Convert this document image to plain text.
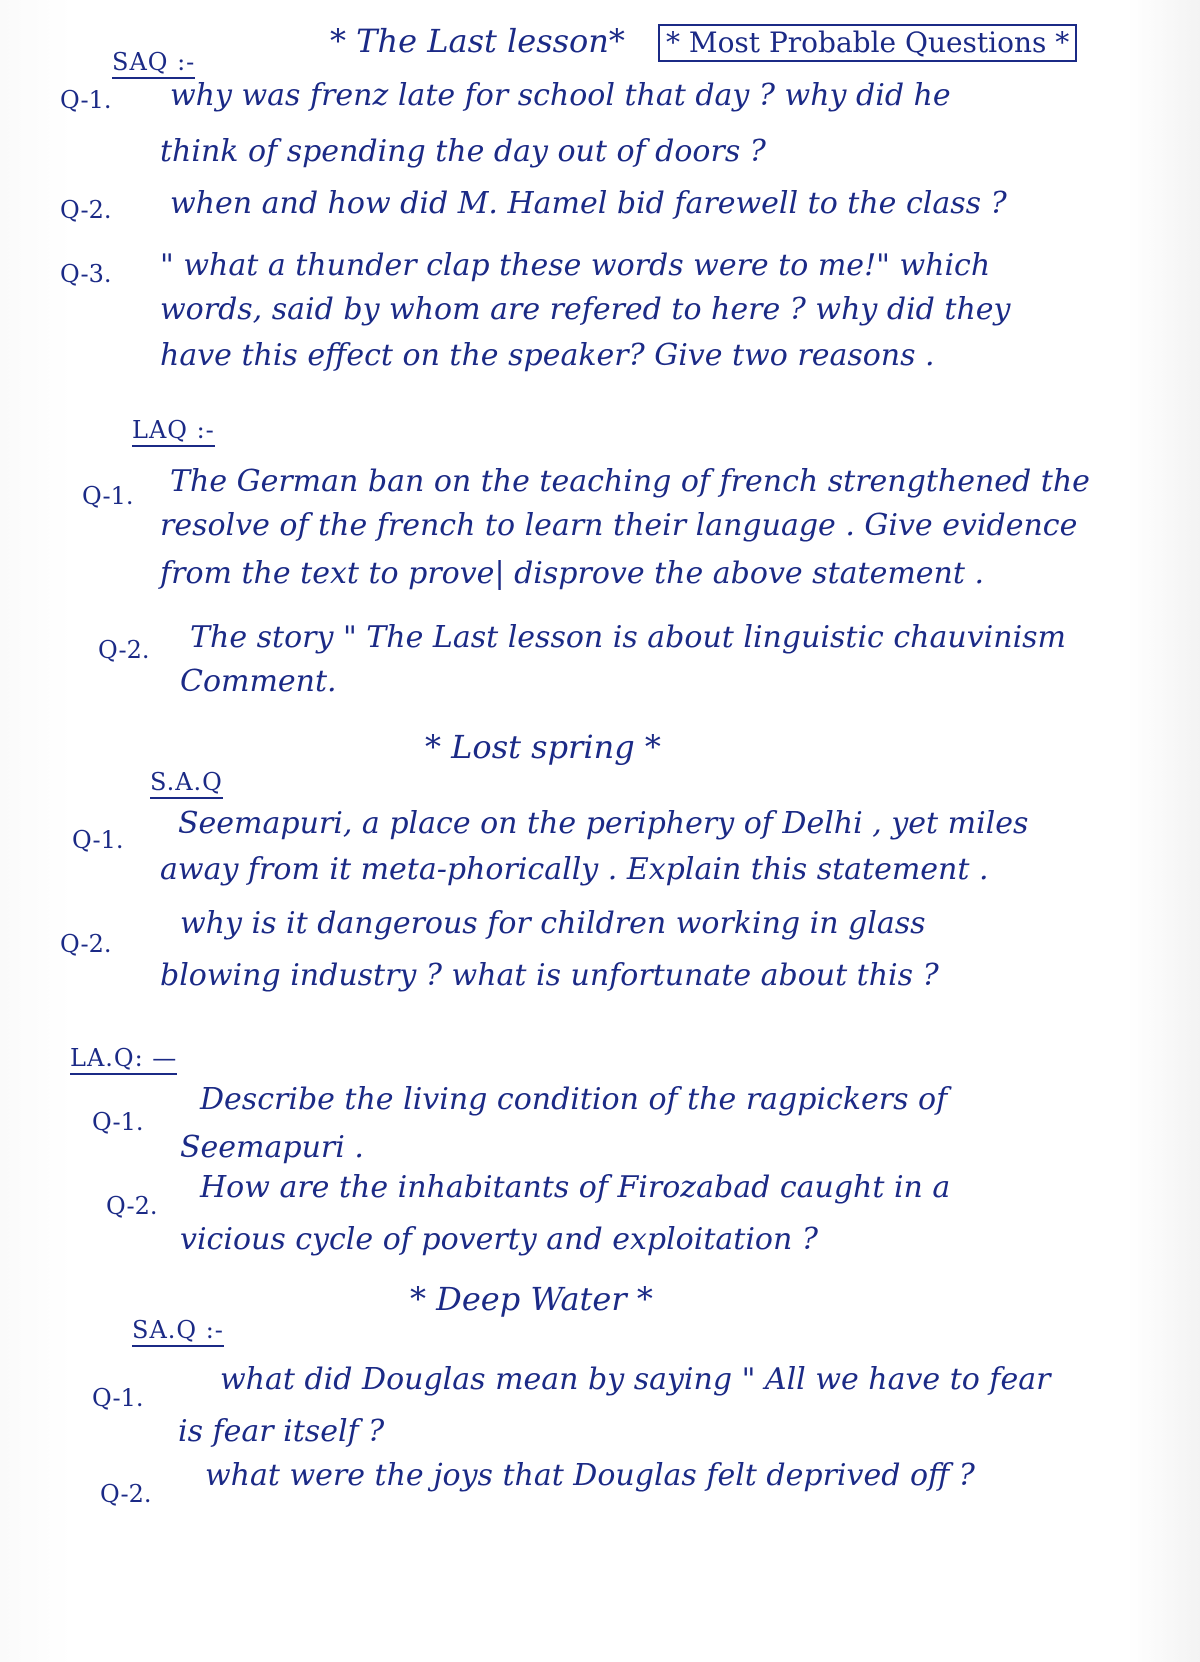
* The Last lesson* * Most Probable Questions *
SAQ :-
Q-1. why was frenz late for school that day ? why did he
think of spending the day out of doors ?
Q-2. when and how did M. Hamel bid farewell to the class ?
Q-3. " what a thunder clap these words were to me!" which
words, said by whom are refered to here ? why did they
have this effect on the speaker? Give two reasons .
LAQ :-
Q-1. The German ban on the teaching of french strengthened the
resolve of the french to learn their language . Give evidence
from the text to prove| disprove the above statement .
Q-2. The story " The Last lesson is about linguistic chauvinism
Comment.
* Lost spring *
S.A.Q
Q-1. Seemapuri, a place on the periphery of Delhi , yet miles
away from it meta-phorically . Explain this statement .
Q-2.
why is it dangerous for children working in glass
blowing industry ? what is unfortunate about this ?
LA.Q: —
Q-1.
Describe the living condition of the ragpickers of
Seemapuri .
Q-2.
How are the inhabitants of Firozabad caught in a
vicious cycle of poverty and exploitation ?
* Deep Water *
SA.Q :-
Q-1.
what did Douglas mean by saying " All we have to fear
is fear itself ?
Q-2.
what were the joys that Douglas felt deprived off ?
